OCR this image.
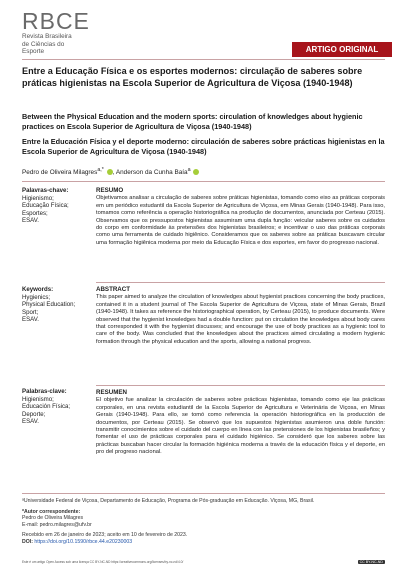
RBCE
Revista Brasileira
de Ciências do
Esporte	ARTIGO ORIGINAL
Entre a Educação Física e os esportes modernos: circulação de saberes sobre práticas higienistas na Escola Superior de Agricultura de Viçosa (1940-1948)
Between the Physical Education and the modern sports: circulation of knowledges about hygienic practices on Escola Superior de Agricultura de Viçosa (1940-1948)
Entre la Educación Física y el deporte moderno: circulación de saberes sobre prácticas higienistas en la Escola Superior de Agricultura de Viçosa (1940-1948)
Pedro de Oliveira Milagres$^{a,*}$ , Anderson da Cunha Baía$^a$
Palavras-chave:
Higienismo;
Educação Física;
Esportes;
ESAV.
RESUMO
Objetivamos analisar a circulação de saberes sobre práticas higienistas, tomando como eixo as práticas corporais em um periódico estudantil da Escola Superior de Agricultura de Viçosa, em Minas Gerais (1940-1948). Para isso, tomamos como referência a operação historiográfica na produção de documentos, anunciada por Certeau (2015). Observamos que os pressupostos higienistas assumiram uma dupla função: veicular saberes sobre os cuidados do corpo em conformidade às pretensões dos higienistas brasileiros; e incentivar o uso das práticas corporais como uma ferramenta de cuidado higiênico. Consideramos que os saberes sobre as práticas buscavam circular uma formação higiênica moderna por meio da Educação Física e dos esportes, em favor do progresso nacional.
Keywords:
Hygienics;
Physical Education;
Sport;
ESAV.
ABSTRACT
This paper aimed to analyze the circulation of knowledges about hygienist practices concerning the body practices, contained it in a student journal of The Escola Superior de Agricultura de Viçosa, state of Minas Gerais, Brazil (1940-1948). It takes as reference the historiographical operation, by Certeau (2015), to produce documents. Were observed that the hygienist knowledges had a double function: put on circulation the knowledges about body cares that corresponded it with the hygienist discusses; and encourage the use of body practices as a hygienic tool to care of the body. Was concluded that the knowledges about the practices aimed circulating a modern hygienic formation through the physical education and the sports, allowing a national progress.
Palabras-clave:
Higienismo;
Educación Física;
Deporte;
ESAV.
RESUMEN
El objetivo fue analizar la circulación de saberes sobre prácticas higienistas, tomando como eje las prácticas corporales, en una revista estudiantil de la Escola Superior de Agricultura e Veterinária de Viçosa, en Minas Gerais (1940-1948). Para ello, se tomó como referencia la operación historiográfica en la producción de documentos, por Certeau (2015). Se observó que los supuestos higienistas asumieron una doble función: transmitir conocimientos sobre el cuidado del cuerpo en línea con las pretensiones de los higienistas brasileños; y fomentar el uso de prácticas corporales para el cuidado higiénico. Se consideró que los saberes sobre las prácticas buscaban hacer circular la formación higiénica moderna a través de la educación física y el deporte, en pro del progreso nacional.
ᵃUniversidade Federal de Viçosa, Departamento de Educação, Programa de Pós-graduação em Educação. Viçosa, MG, Brasil.
*Autor correspondente:
Pedro de Oliveira Milagres
E-mail: pedro.milagres@ufv.br
Recebido em 26 de janeiro de 2023; aceito em 10 de fevereiro de 2023.
DOI: https://doi.org/10.1590/rbce.44.e20230003
Este é um artigo Open Access sob uma licença CC BY-NC-ND https://creativecommons.org/licenses/by-nc-nd/4.0/	CC BY-NC-ND
